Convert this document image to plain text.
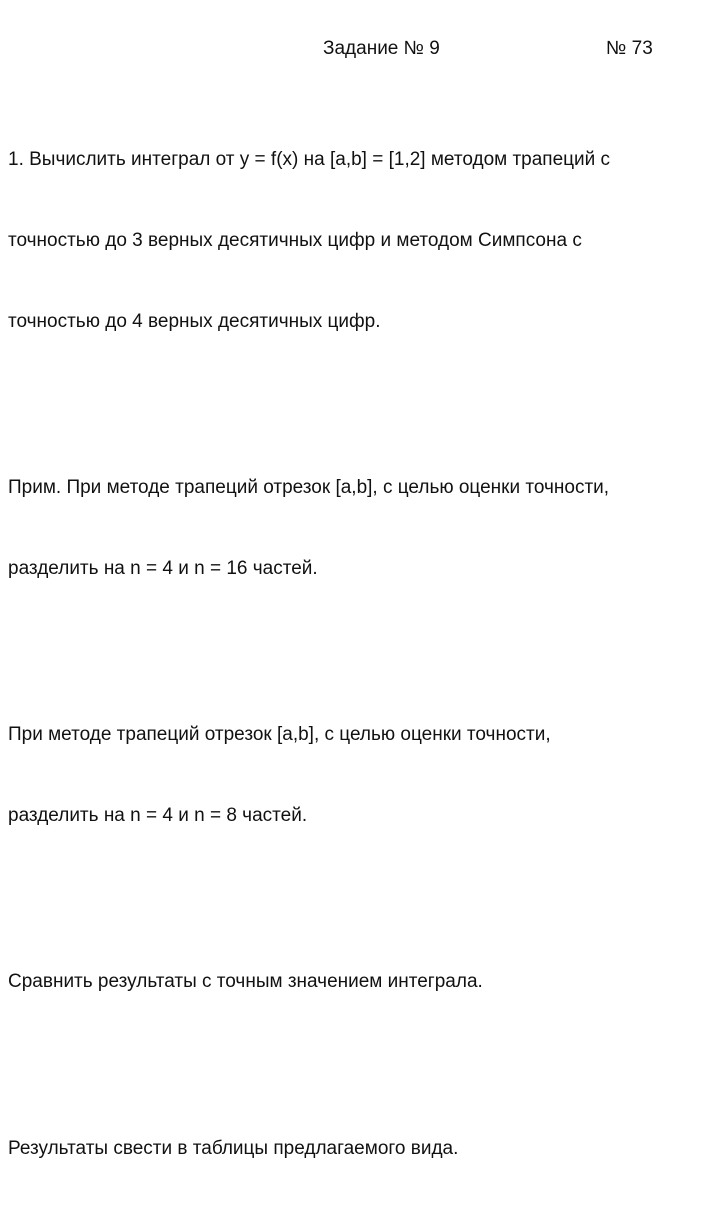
Задание № 9	№ 73

1. Вычислить интеграл от y = f(x) на [a,b] = [1,2] методом трапеций с

точностью до 3 верных десятичных цифр и методом Симпсона с

точностью до 4 верных десятичных цифр.

Прим. При методе трапеций отрезок [a,b], с целью оценки точности,

разделить на n = 4 и n = 16 частей.

При методе трапеций отрезок [a,b], с целью оценки точности,

разделить на n = 4 и n = 8 частей.

Сравнить результаты с точным значением интеграла.

Результаты свести в таблицы предлагаемого вида.
